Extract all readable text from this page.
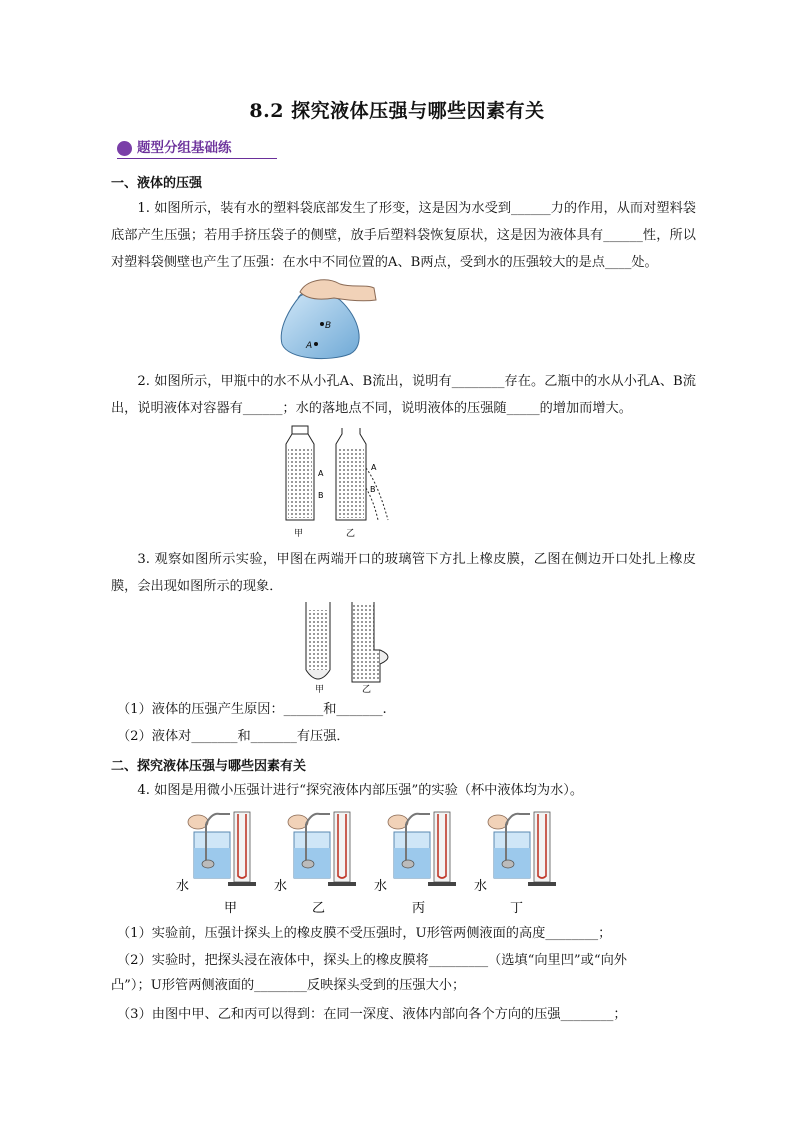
8.2 探究液体压强与哪些因素有关
题型分组基础练
一、液体的压强
1. 如图所示，装有水的塑料袋底部发生了形变，这是因为水受到______力的作用，从而对塑料袋底部产生压强；若用手挤压袋子的侧壁，放手后塑料袋恢复原状，这是因为液体具有______性，所以对塑料袋侧壁也产生了压强：在水中不同位置的A、B两点，受到水的压强较大的是点____处。
B
A
2. 如图所示，甲瓶中的水不从小孔A、B流出，说明有________存在。乙瓶中的水从小孔A、B流出，说明液体对容器有______；水的落地点不同，说明液体的压强随_____的增加而增大。
A
B
A
B
甲	乙
3. 观察如图所示实验，甲图在两端开口的玻璃管下方扎上橡皮膜，乙图在侧边开口处扎上橡皮膜，会出现如图所示的现象．
甲	乙
（1）液体的压强产生原因：______和_______.
（2）液体对_______和_______有压强．
二、探究液体压强与哪些因素有关
4. 如图是用微小压强计进行“探究液体内部压强”的实验（杯中液体均为水）。
水	水	水	水
甲	乙	丙	丁
（1）实验前，压强计探头上的橡皮膜不受压强时，U形管两侧液面的高度________；
（2）实验时，把探头浸在液体中，探头上的橡皮膜将_________（选填“向里凹”或“向外
凸”）；U形管两侧液面的________反映探头受到的压强大小；
（3）由图中甲、乙和丙可以得到：在同一深度、液体内部向各个方向的压强________；
